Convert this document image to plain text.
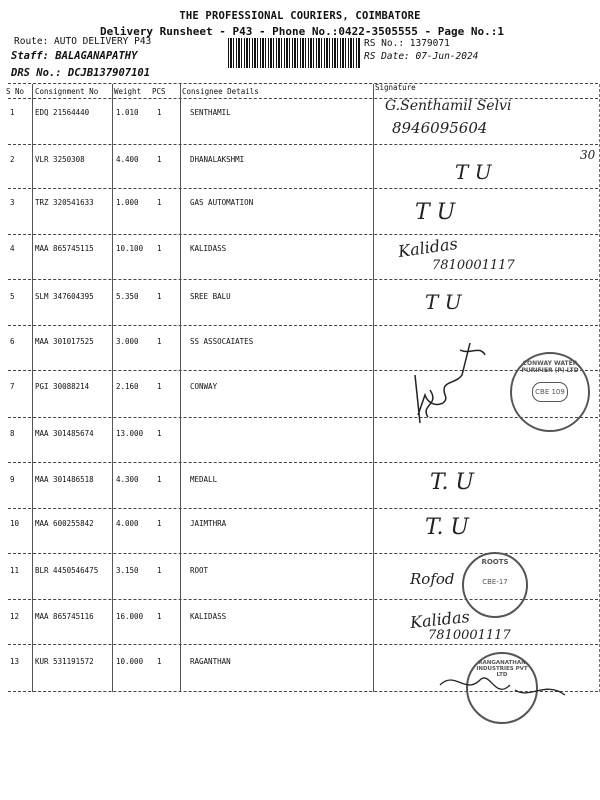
THE PROFESSIONAL COURIERS, COIMBATORE
Delivery Runsheet - P43 - Phone No.:0422-3505555 - Page No.:1
Route: AUTO DELIVERY P43
Staff: BALAGANAPATHY
DRS No.: DCJB137907101
RS No.: 1379071
RS Date: 07-Jun-2024
30
S No Consignment No Weight PCS Consignee Details	Signature
1	EDQ 21564440	1.010 1	SENTHAMIL
2	VLR 3250308	4.400 1	DHANALAKSHMI
3	TRZ 320541633	1.000 1	GAS AUTOMATION
4	MAA 865745115	10.100 1	KALIDASS
5	SLM 347604395	5.350 1	SREE BALU
6	MAA 301017525	3.000 1	SS ASSOCAIATES
7	PGI 30088214	2.160 1	CONWAY
8	MAA 301485674	13.000 1
9	MAA 301486518	4.300 1	MEDALL
10 MAA 600255842	4.000 1	JAIMTHRA
11 BLR 4450546475 3.150 1	ROOT
12 MAA 865745116	16.000 1	KALIDASS
13 KUR 531191572	10.000 1	RAGANTHAN
G.Senthamil Selvi
8946095604
T U
T U
Kalidas
7810001117
T U
CONWAY WATER PURIFIER (P) LTD
CBE 109
T. U
T. U
Rofod
ROOTS
CBE-17
Kalidas
7810001117
RANGANATHAN INDUSTRIES PVT LTD
